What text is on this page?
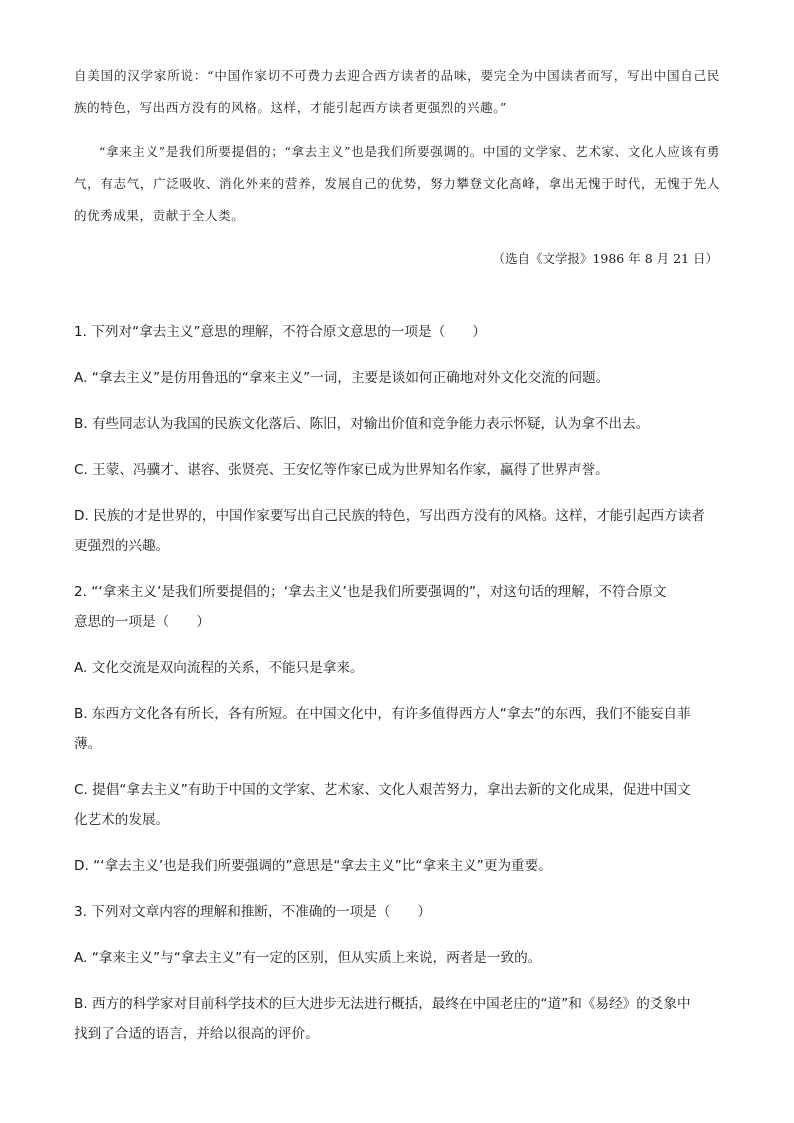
自美国的汉学家所说：“中国作家切不可费力去迎合西方读者的品味，要完全为中国读者而写，写出中国自己民族的特色，写出西方没有的风格。这样，才能引起西方读者更强烈的兴趣。”
“拿来主义”是我们所要提倡的；“拿去主义”也是我们所要强调的。中国的文学家、艺术家、文化人应该有勇气，有志气，广泛吸收、消化外来的营养，发展自己的优势，努力攀登文化高峰，拿出无愧于时代，无愧于先人的优秀成果，贡献于全人类。
（选自《文学报》1986 年 8 月 21 日）

1. 下列对“拿去主义”意思的理解，不符合原文意思的一项是（　　）

A. “拿去主义”是仿用鲁迅的“拿来主义”一词，主要是谈如何正确地对外文化交流的问题。

B. 有些同志认为我国的民族文化落后、陈旧，对输出价值和竞争能力表示怀疑，认为拿不出去。

C. 王蒙、冯骥才、谌容、张贤亮、王安忆等作家已成为世界知名作家，赢得了世界声誉。

D. 民族的才是世界的，中国作家要写出自己民族的特色，写出西方没有的风格。这样，才能引起西方读者

更强烈的兴趣。

2. “‘拿来主义’是我们所要提倡的；‘拿去主义’也是我们所要强调的”，对这句话的理解，不符合原文

意思的一项是（　　）

A. 文化交流是双向流程的关系，不能只是拿来。

B. 东西方文化各有所长，各有所短。在中国文化中，有许多值得西方人“拿去”的东西，我们不能妄自菲

薄。

C. 提倡“拿去主义”有助于中国的文学家、艺术家、文化人艰苦努力，拿出去新的文化成果，促进中国文

化艺术的发展。

D. “‘拿去主义’也是我们所要强调的”意思是“拿去主义”比“拿来主义”更为重要。

3. 下列对文章内容的理解和推断，不准确的一项是（　　）

A. “拿来主义”与“拿去主义”有一定的区别，但从实质上来说，两者是一致的。

B. 西方的科学家对目前科学技术的巨大进步无法进行概括，最终在中国老庄的“道”和《易经》的爻象中

找到了合适的语言，并给以很高的评价。
